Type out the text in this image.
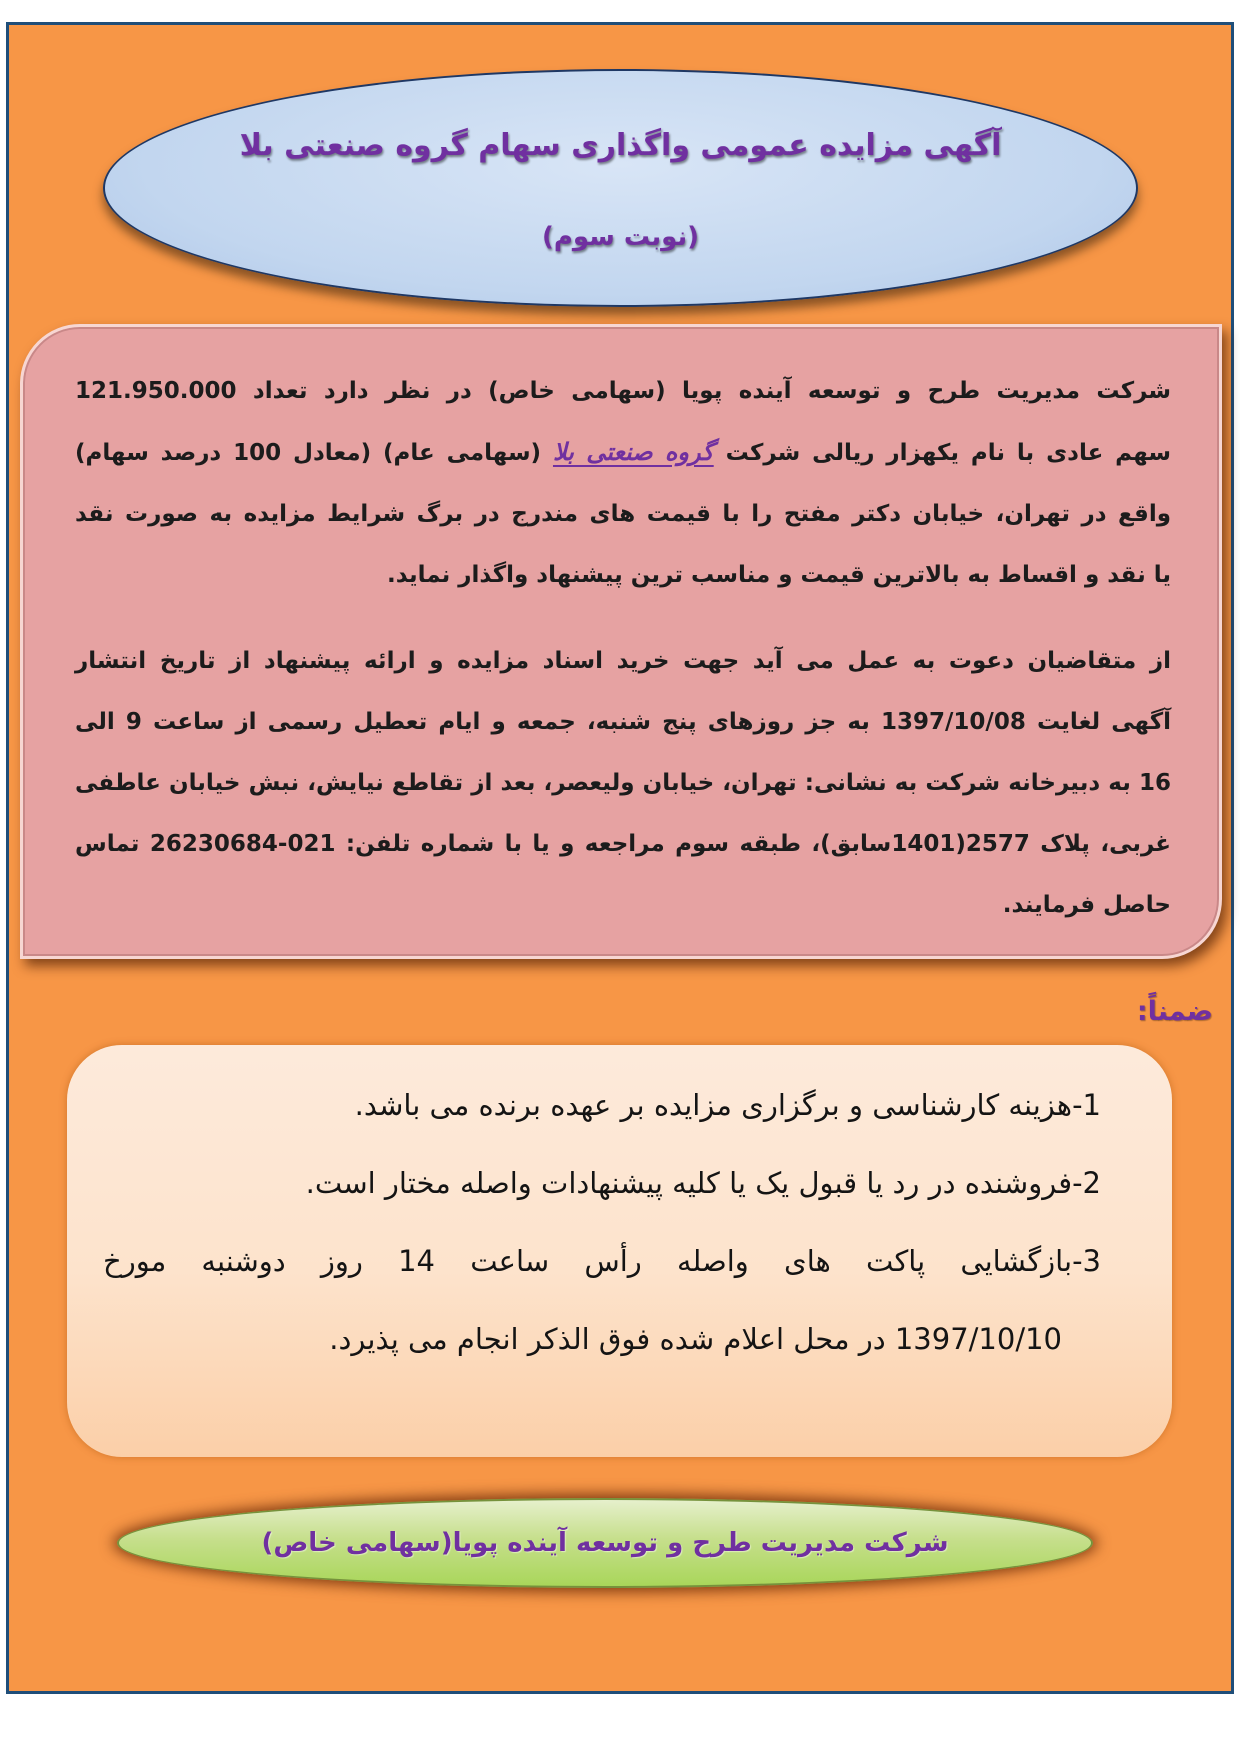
آگهی مزایده عمومی واگذاری سهام گروه صنعتی بلا
(نوبت سوم)
شرکت مدیریت طرح و توسعه آینده پویا (سهامی خاص) در نظر دارد تعداد 121.950.000
سهم عادی با نام یکهزار ریالی شرکت گروه صنعتی بلا (سهامی عام) (معادل 100 درصد سهام)
واقع در تهران، خیابان دکتر مفتح را با قیمت های مندرج در برگ شرایط مزایده به صورت نقد
یا نقد و اقساط به بالاترین قیمت و مناسب ترین پیشنهاد واگذار نماید.
از متقاضیان دعوت به عمل می آید جهت خرید اسناد مزایده و ارائه پیشنهاد از تاریخ انتشار
آگهی لغایت 1397/10/08 به جز روزهای پنج شنبه، جمعه و ایام تعطیل رسمی از ساعت 9 الی
16 به دبیرخانه شرکت به نشانی: تهران، خیابان ولیعصر، بعد از تقاطع نیایش، نبش خیابان عاطفی
غربی، پلاک 2577(1401سابق)، طبقه سوم مراجعه و یا با شماره تلفن: 021-26230684 تماس
حاصل فرمایند.
ضمناً:
1-هزینه کارشناسی و برگزاری مزایده بر عهده برنده می باشد.
2-فروشنده در رد یا قبول یک یا کلیه پیشنهادات واصله مختار است.
3-بازگشایی پاکت های واصله رأس ساعت 14 روز دوشنبه مورخ
1397/10/10 در محل اعلام شده فوق الذکر انجام می پذیرد.
شرکت مدیریت طرح و توسعه آینده پویا(سهامی خاص)
